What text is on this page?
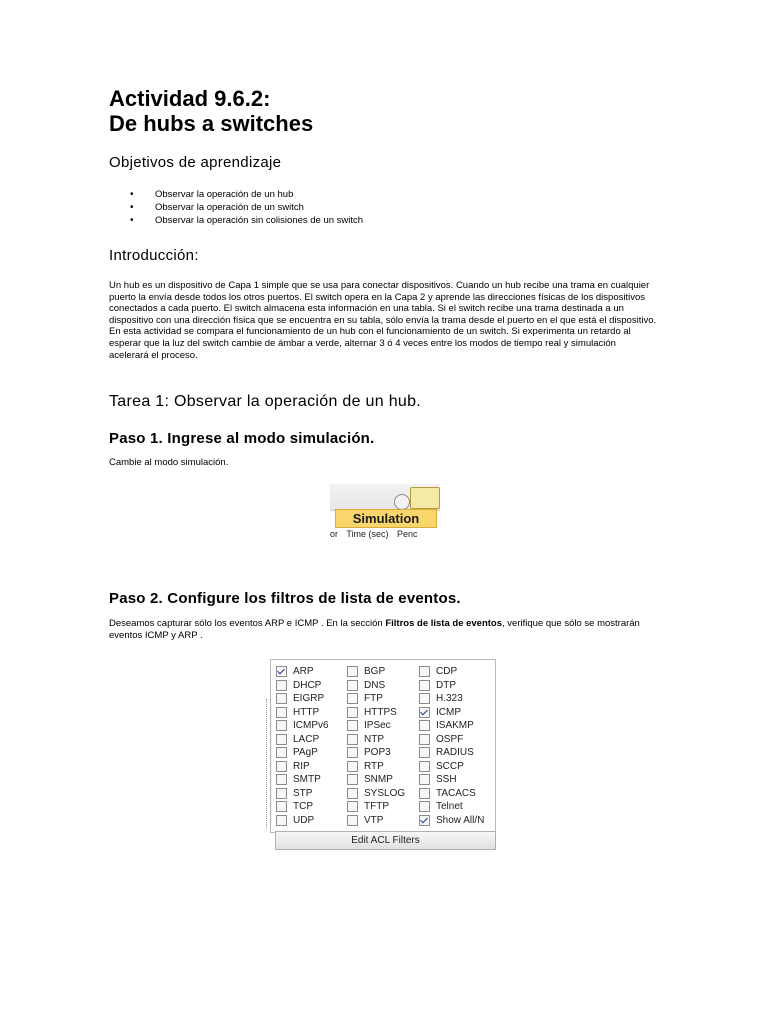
Actividad 9.6.2:
De hubs a switches
Objetivos de aprendizaje
• Observar la operación de un hub
• Observar la operación de un switch
• Observar la operación sin colisiones de un switch
Introducción:

Un hub es un dispositivo de Capa 1 simple que se usa para conectar dispositivos. Cuando un hub recibe una trama en cualquier puerto la envía desde todos los otros puertos. El switch opera en la Capa 2 y aprende las direcciones físicas de los dispositivos conectados a cada puerto. El switch almacena esta información en una tabla. Si el switch recibe una trama destinada a un dispositivo con una dirección física que se encuentra en su tabla, sólo envía la trama desde el puerto en el que está el dispositivo. En esta actividad se compara el funcionamiento de un hub con el funcionamiento de un switch. Si experimenta un retardo al esperar que la luz del switch cambie de ámbar a verde, alternar 3 ó 4 veces entre los modos de tiempo real y simulación acelerará el proceso.

Tarea 1: Observar la operación de un hub.
Paso 1. Ingrese al modo simulación.

Cambie al modo simulación.

Simulation
or Time (sec) Penc
Paso 2. Configure los filtros de lista de eventos.

Deseamos capturar sólo los eventos ARP e ICMP . En la sección Filtros de lista de eventos, verifique que sólo se mostrarán eventos ICMP y ARP .

ARP
DHCP
EIGRP
HTTP
ICMPv6
LACP
PAgP
RIP
SMTP
STP
TCP
UDP
BGP
DNS
FTP
HTTPS
IPSec
NTP
POP3
RTP
SNMP
SYSLOG
TFTP
VTP
CDP
DTP
H.323
ICMP
ISAKMP
OSPF
RADIUS
SCCP
SSH
TACACS
Telnet
Show All/N
Edit ACL Filters
